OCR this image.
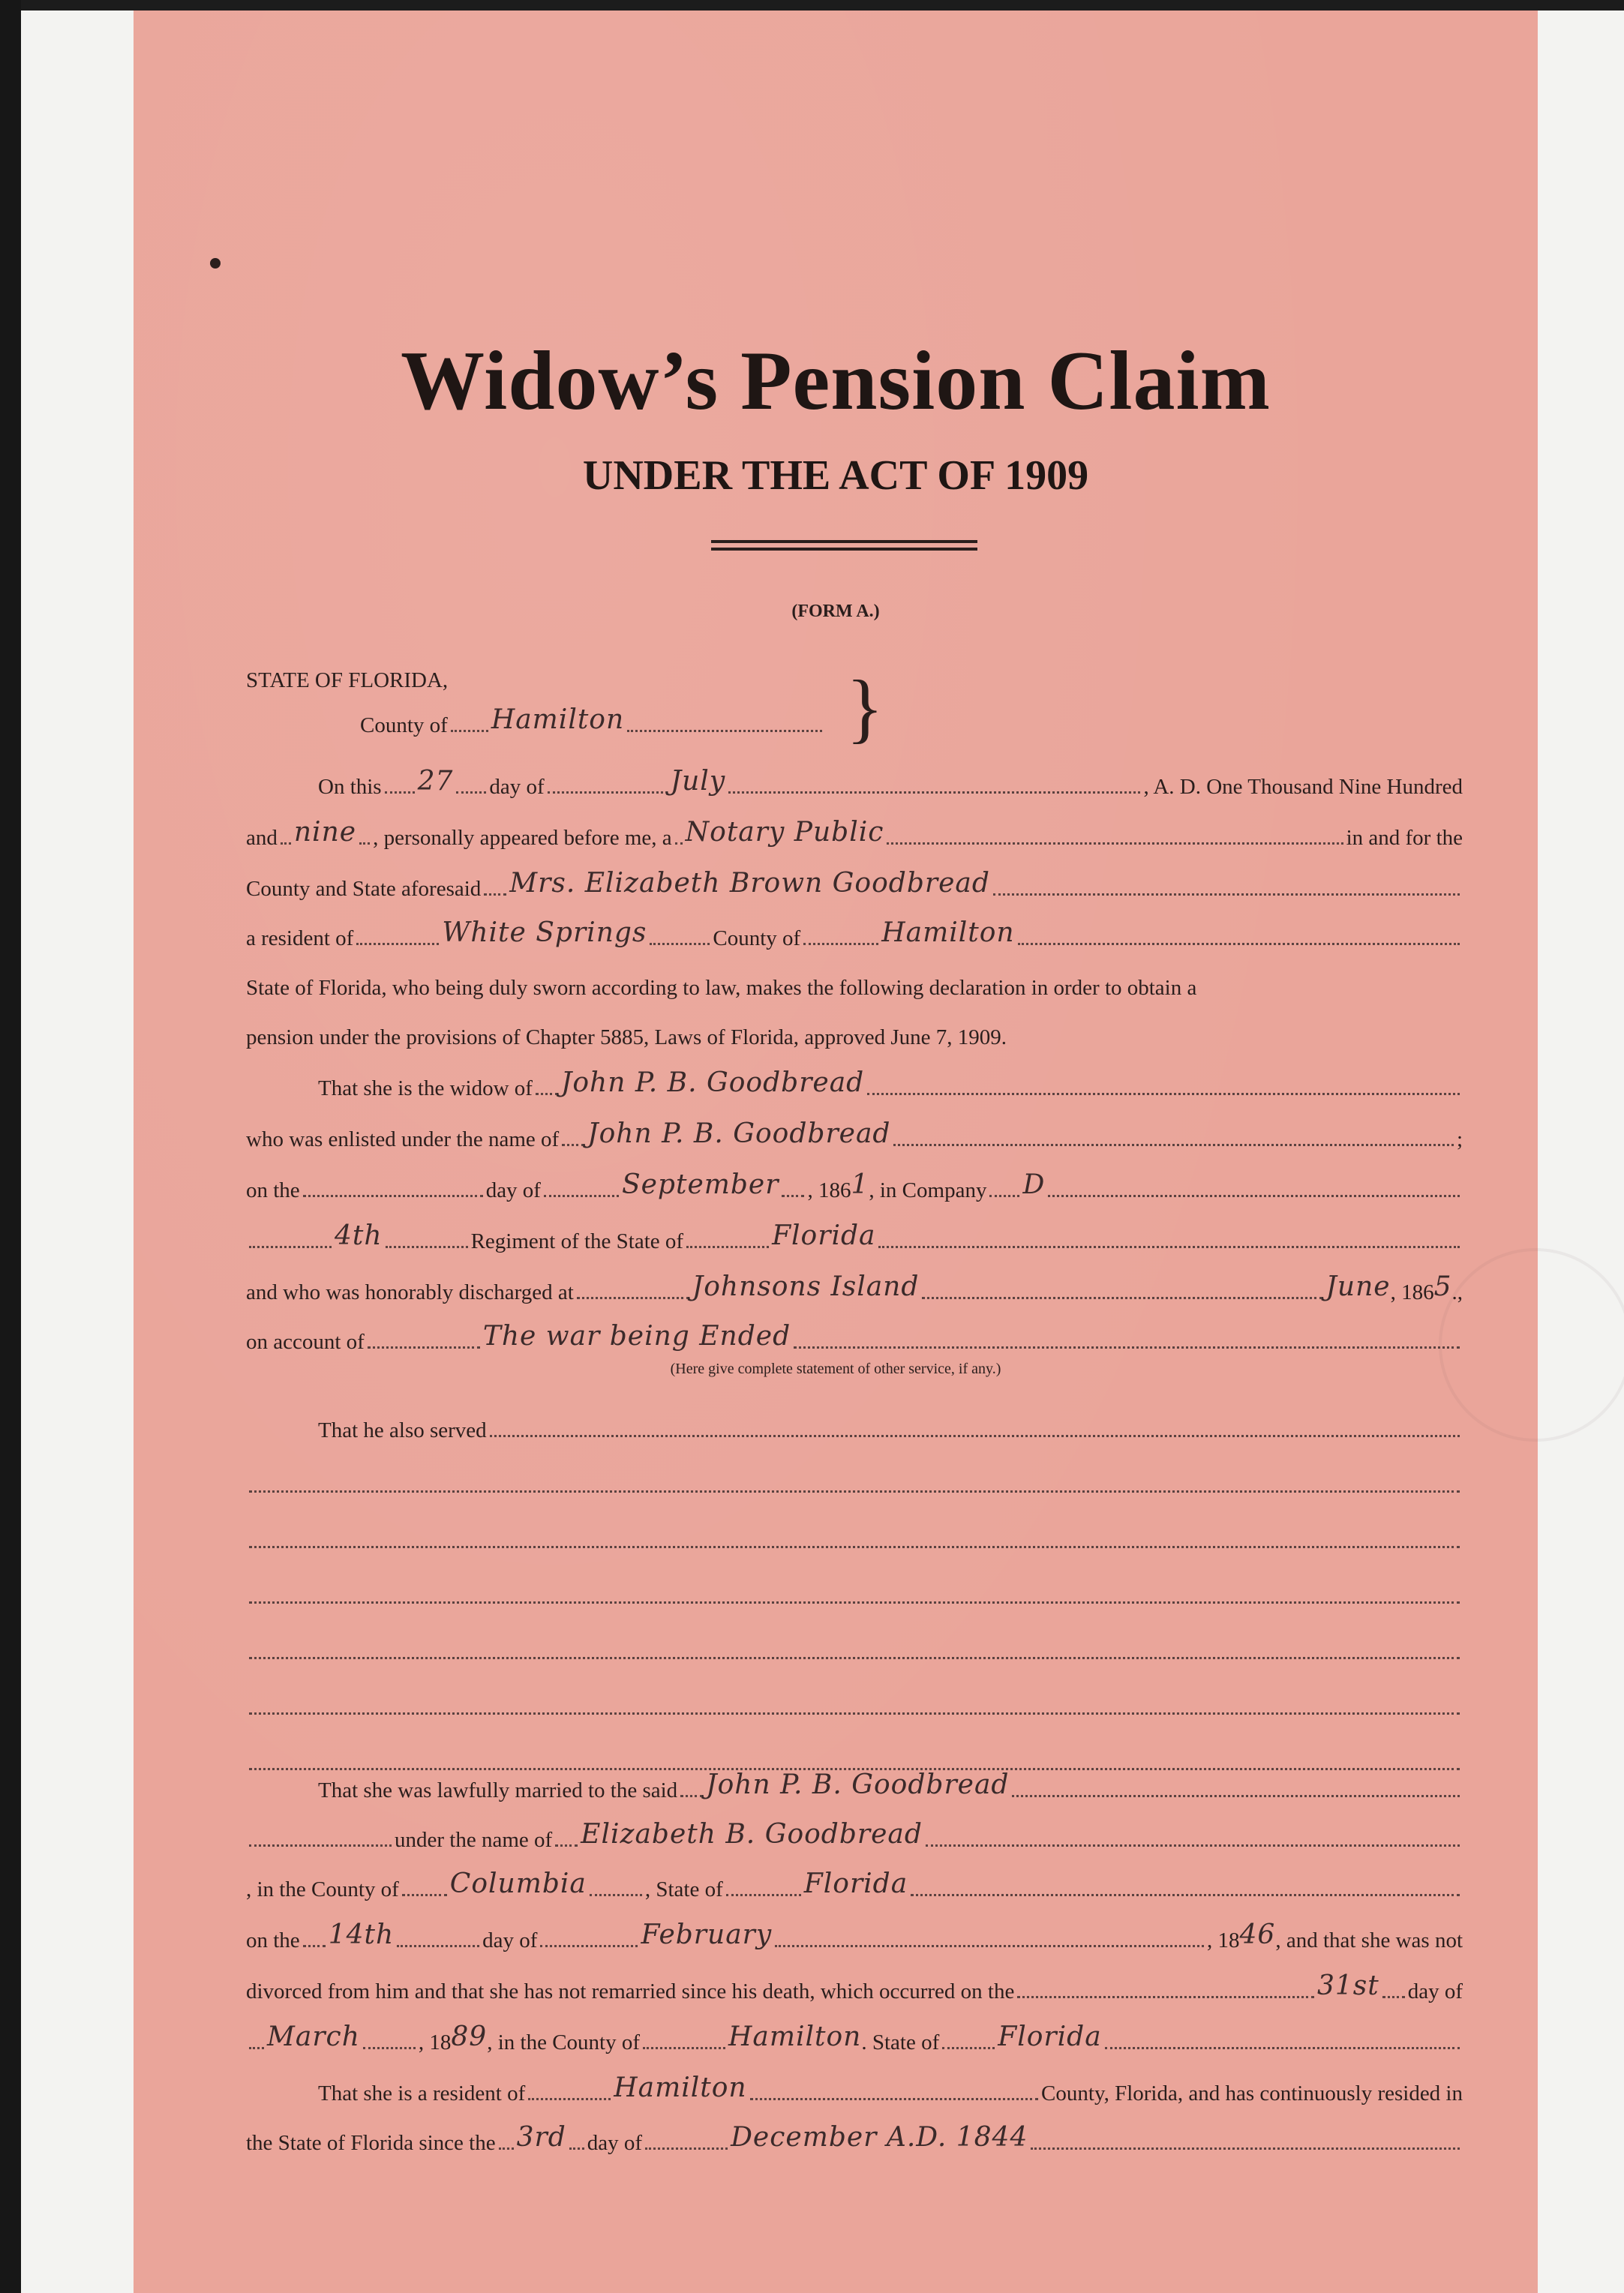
Widow’s Pension Claim
UNDER THE ACT OF 1909
(FORM A.)
STATE OF FLORIDA,
County of Hamilton	}
On this 27 day of	July	, A. D. One Thousand Nine Hundred
and nine , personally appeared before me, a Notary Public	in and for the
County and State aforesaid Mrs. Elizabeth Brown Goodbread
a resident of	White Springs	County of	Hamilton
State of Florida, who being duly sworn according to law, makes the following declaration in order to obtain a
pension under the provisions of Chapter 5885, Laws of Florida, approved June 7, 1909.
That she is the widow of John P. B. Goodbread
who was enlisted under the name of John P. B. Goodbread	;
on the	day of	September , 186 1 , in Company D
4th	Regiment of the State of	Florida
and who was honorably discharged at	Johnsons Island	June , 186 5 .,
on account of	The war being Ended
(Here give complete statement of other service, if any.)
That he also served
That she was lawfully married to the said John P. B. Goodbread
under the name of Elizabeth B. Goodbread
, in the County of Columbia	, State of	Florida
on the 14th	day of	February	, 18 46 , and that she was not
divorced from him and that she has not remarried since his death, which occurred on the	31st day of
March	, 18 89 , in the County of	Hamilton . State of Florida
That she is a resident of	Hamilton	County, Florida, and has continuously resided in
the State of Florida since the 3rd day of	December A.D. 1844
